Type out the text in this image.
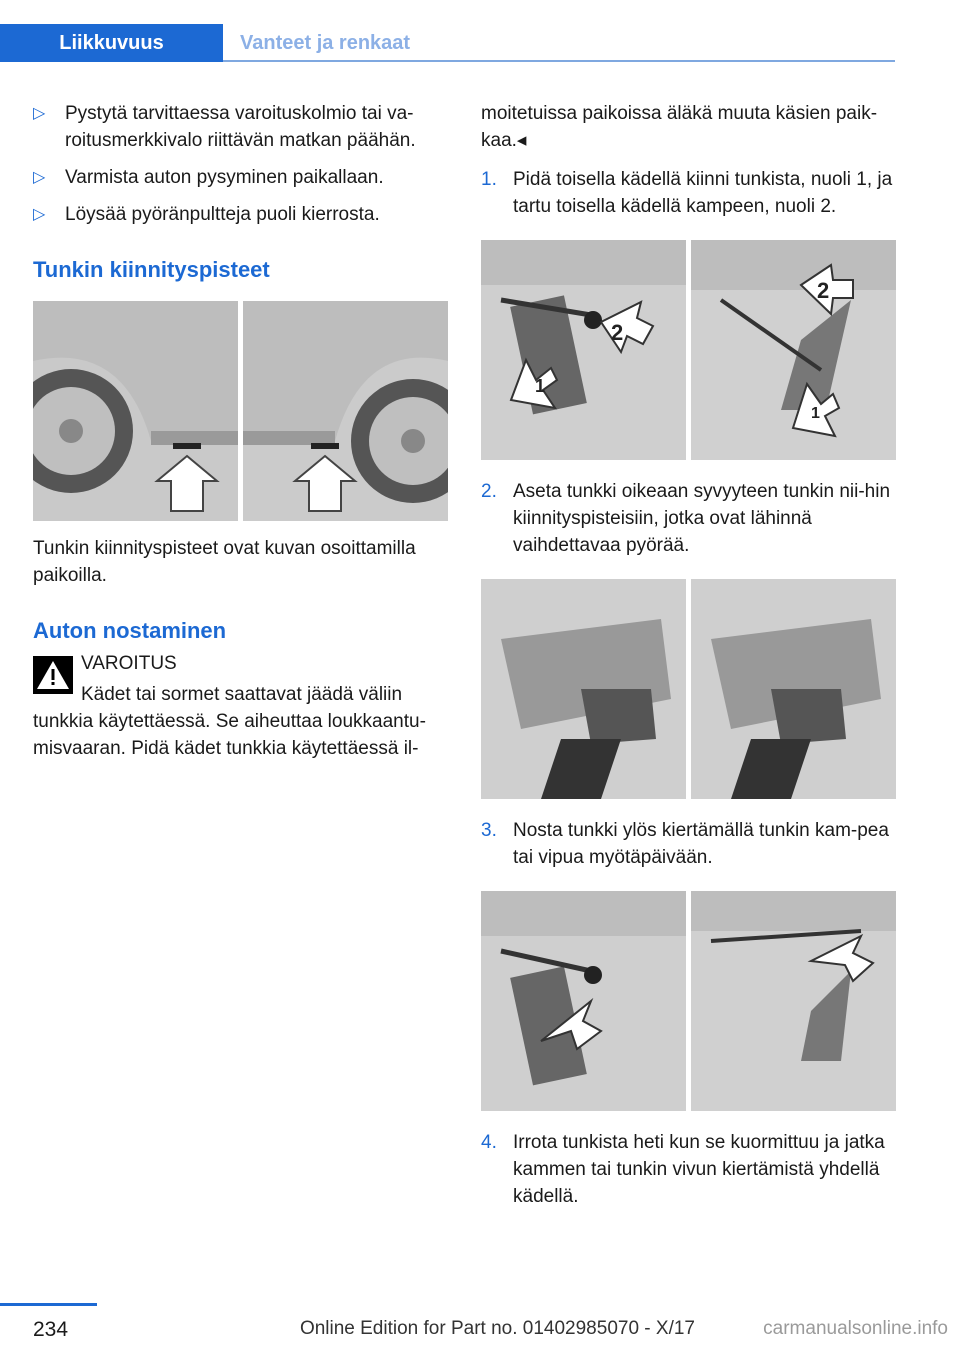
Liikkuvuus	Vanteet ja renkaat
▷ Pystytä tarvittaessa varoituskolmio tai va-roitusmerkkivalo riittävän matkan päähän.
▷ Varmista auton pysyminen paikallaan.
▷ Löysää pyöränpultteja puoli kierrosta.
Tunkin kiinnityspisteet

Tunkin kiinnityspisteet ovat kuvan osoittamilla paikoilla.

Auton nostaminen
VAROITUS
Kädet tai sormet saattavat jäädä väliin
tunkkia käytettäessä. Se aiheuttaa loukkaantu-misvaaran. Pidä kädet tunkkia käytettäessä il-

moitetuissa paikoissa äläkä muuta käsien paik-kaa.◂

1. Pidä toisella kädellä kiinni tunkista, nuoli 1, ja tartu toisella kädellä kampeen, nuoli 2.
1
2
2
1
2. Aseta tunkki oikeaan syvyyteen tunkin nii-hin kiinnityspisteisiin, jotka ovat lähinnä vaihdettavaa pyörää.
3. Nosta tunkki ylös kiertämällä tunkin kam-pea tai vipua myötäpäivään.
4. Irrota tunkista heti kun se kuormittuu ja jatka kammen tai tunkin vivun kiertämistä yhdellä kädellä.
234	Online Edition for Part no. 01402985070 - X/17	carmanualsonline.info
